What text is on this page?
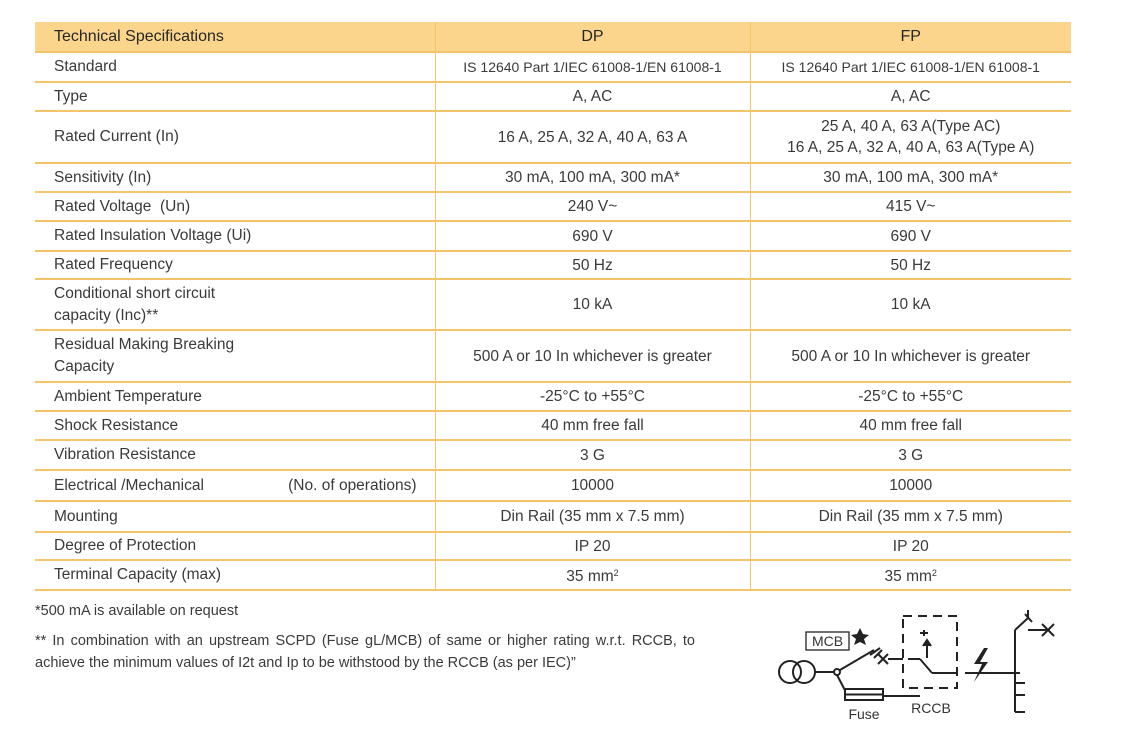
Technical Specifications	DP	FP
Standard	IS 12640 Part 1/IEC 61008-1/EN 61008-1	IS 12640 Part 1/IEC 61008-1/EN 61008-1
Type	A, AC	A, AC
Rated Current (In)	16 A, 25 A, 32 A, 40 A, 63 A	25 A, 40 A, 63 A(Type AC)
16 A, 25 A, 32 A, 40 A, 63 A(Type A)

Sensitivity (In)	30 mA, 100 mA, 300 mA*	30 mA, 100 mA, 300 mA*
Rated Voltage  (Un)	240 V~	415 V~
Rated Insulation Voltage (Ui)	690 V	690 V
Rated Frequency	50 Hz	50 Hz

Conditional short circuit
capacity (Inc)**	10 kA	10 kA

Residual Making Breaking
Capacity	500 A or 10 In whichever is greater	500 A or 10 In whichever is greater
Ambient Temperature	-25°C to +55°C	-25°C to +55°C
Shock Resistance	40 mm free fall	40 mm free fall
Vibration Resistance	3 G	3 G

Electrical /Mechanical (No. of operations)	10000	10000
Mounting	Din Rail (35 mm x 7.5 mm)	Din Rail (35 mm x 7.5 mm)
Degree of Protection	IP 20	IP 20
Terminal Capacity (max)	35 $mm^2$	35 $mm^2$
*500 mA is available on request
** In combination with an upstream SCPD (Fuse gL/MCB) of same or higher rating w.r.t. RCCB, to achieve the minimum values of I2t and Ip to be withstood by the RCCB (as per IEC)”
MCB
Fuse RCCB
